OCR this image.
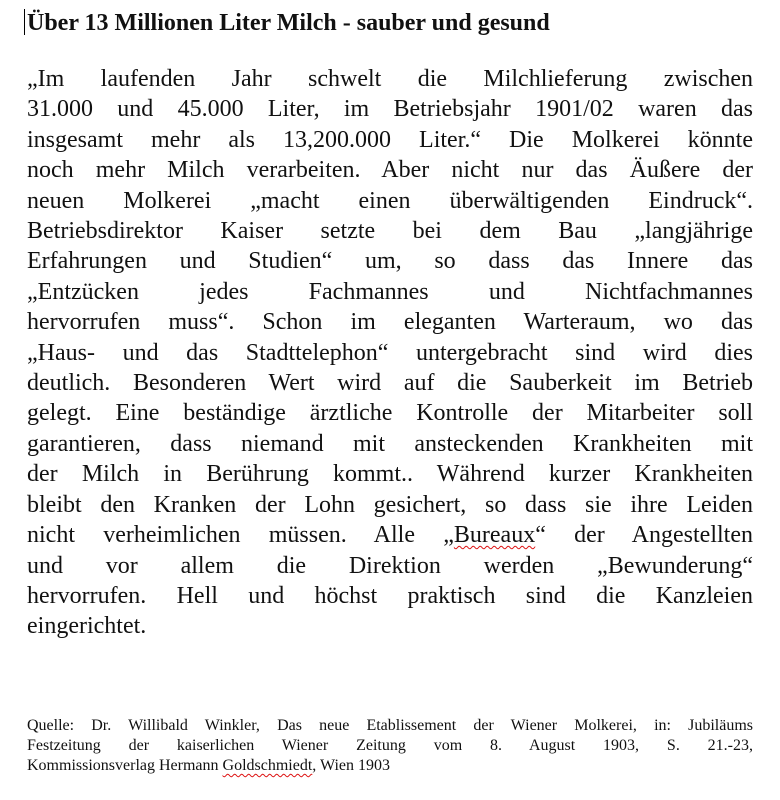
Über 13 Millionen Liter Milch - sauber und gesund
„Im laufenden Jahr schwelt die Milchlieferung zwischen
31.000 und 45.000 Liter, im Betriebsjahr 1901/02 waren das
insgesamt mehr als 13,200.000 Liter.“ Die Molkerei könnte
noch mehr Milch verarbeiten. Aber nicht nur das Äußere der
neuen Molkerei „macht einen überwältigenden Eindruck“.
Betriebsdirektor Kaiser setzte bei dem Bau „langjährige
Erfahrungen und Studien“ um, so dass das Innere das
„Entzücken jedes Fachmannes und Nichtfachmannes
hervorrufen muss“. Schon im eleganten Warteraum, wo das
„Haus- und das Stadttelephon“ untergebracht sind wird dies
deutlich. Besonderen Wert wird auf die Sauberkeit im Betrieb
gelegt. Eine beständige ärztliche Kontrolle der Mitarbeiter soll
garantieren, dass niemand mit ansteckenden Krankheiten mit
der Milch in Berührung kommt.. Während kurzer Krankheiten
bleibt den Kranken der Lohn gesichert, so dass sie ihre Leiden
nicht verheimlichen müssen. Alle „Bureaux“ der Angestellten
und vor allem die Direktion werden „Bewunderung“
hervorrufen. Hell und höchst praktisch sind die Kanzleien
eingerichtet.
Quelle: Dr. Willibald Winkler, Das neue Etablissement der Wiener Molkerei, in: Jubiläums
Festzeitung der kaiserlichen Wiener Zeitung vom 8. August 1903, S. 21.-23,
Kommissionsverlag Hermann Goldschmiedt, Wien 1903
